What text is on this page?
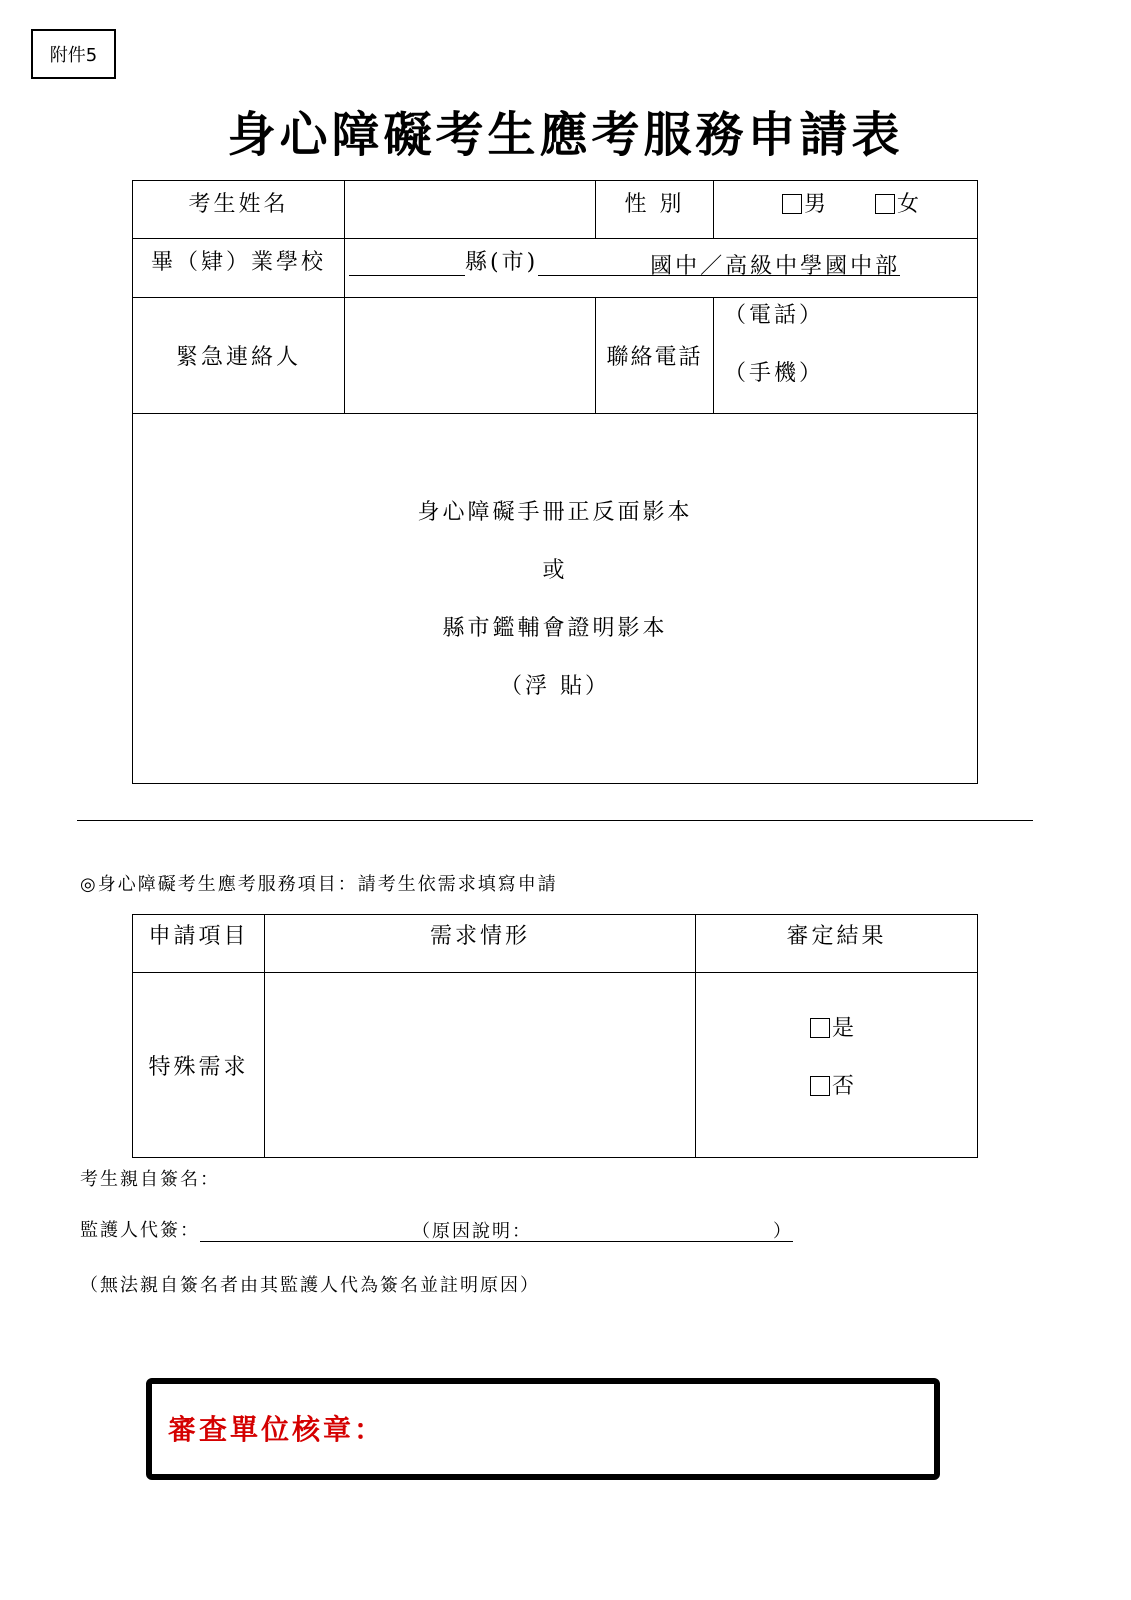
附件5
身心障礙考生應考服務申請表
考生姓名		性 別	男 女
畢（肄）業學校	縣(市) 國中／高級中學國中部		
緊急連絡人		聯絡電話	（電話）
（手機）

身心障礙手冊正反面影本
或
縣市鑑輔會證明影本
（浮 貼）			
◎身心障礙考生應考服務項目：請考生依需求填寫申請
申請項目	需求情形	審定結果
特殊需求		是
否
考生親自簽名：
監護人代簽：	（原因說明：	）
（無法親自簽名者由其監護人代為簽名並註明原因）
審查單位核章：
